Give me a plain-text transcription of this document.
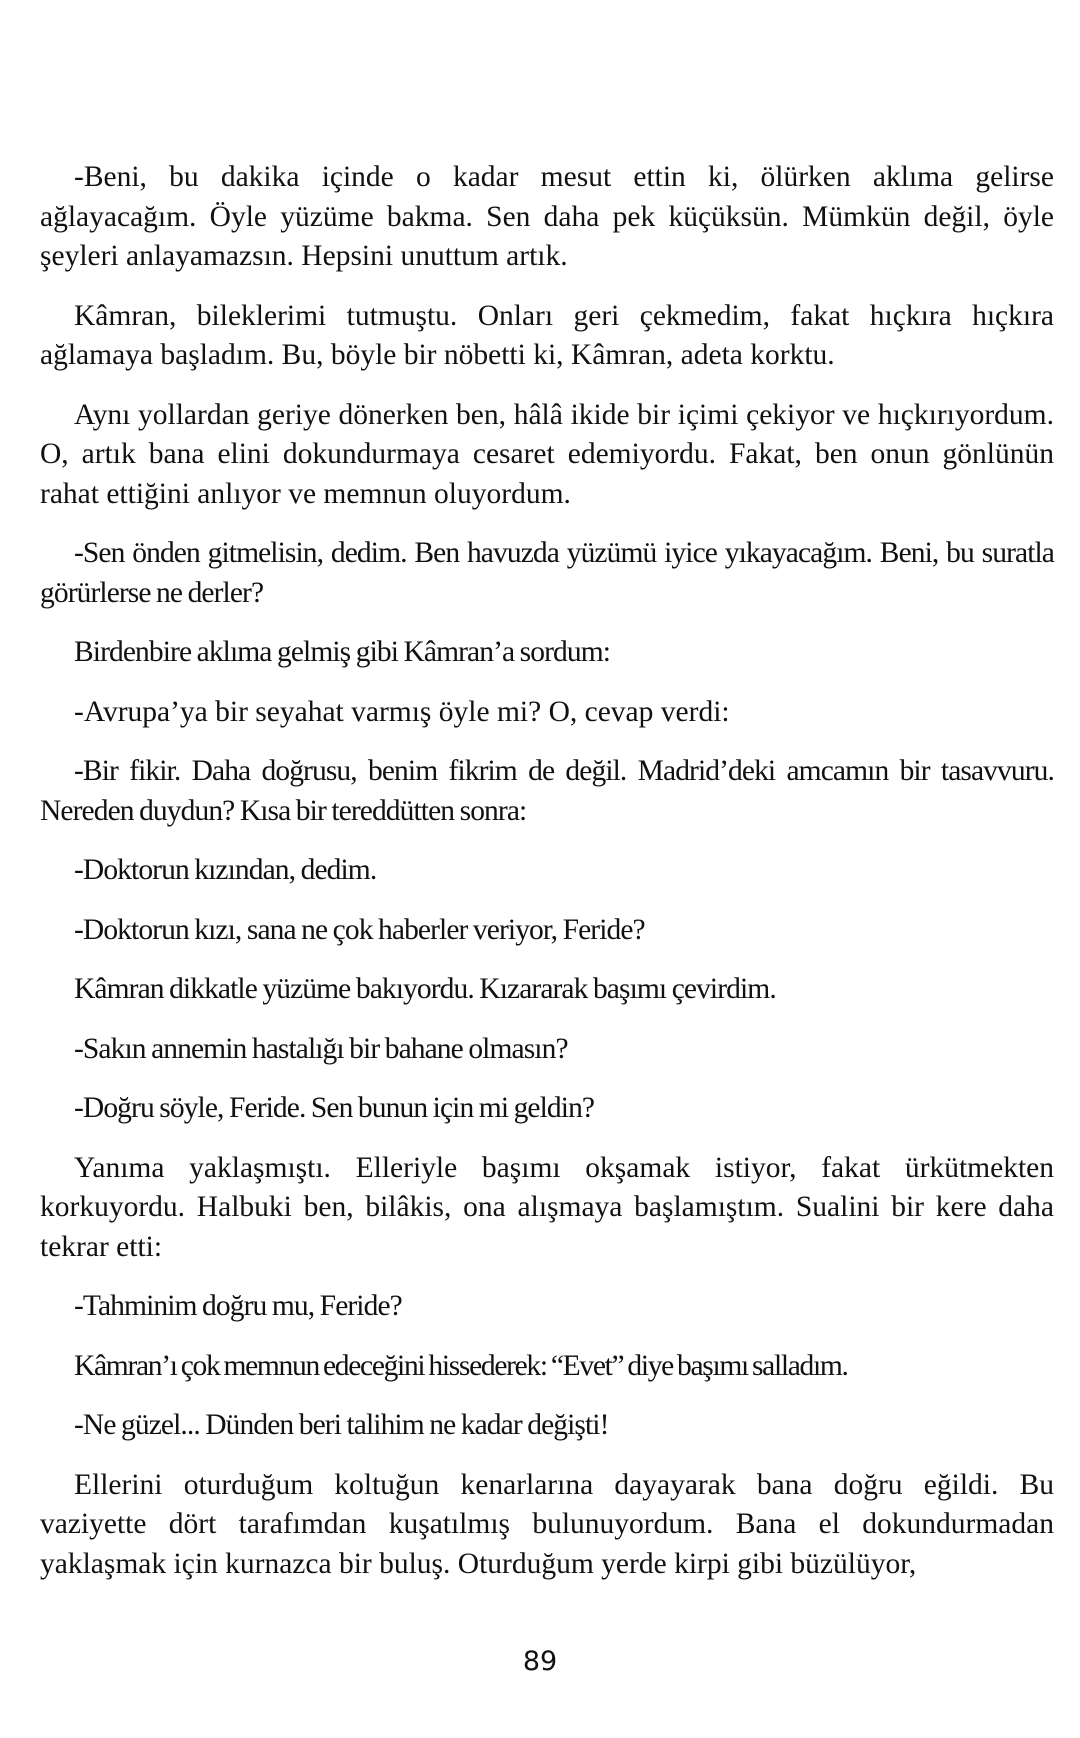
-Beni, bu dakika içinde o kadar mesut ettin ki, ölürken aklıma gelirse ağlayacağım. Öyle yüzüme bakma. Sen daha pek küçüksün. Mümkün değil, öyle şeyleri anlayamazsın. Hepsini unuttum artık.

Kâmran, bileklerimi tutmuştu. Onları geri çekmedim, fakat hıçkıra hıçkıra ağlamaya başladım. Bu, böyle bir nöbetti ki, Kâmran, adeta korktu.

Aynı yollardan geriye dönerken ben, hâlâ ikide bir içimi çekiyor ve hıçkırıyordum. O, artık bana elini dokundurmaya cesaret edemiyordu. Fakat, ben onun gönlünün rahat ettiğini anlıyor ve memnun oluyordum.

-Sen önden gitmelisin, dedim. Ben havuzda yüzümü iyice yıkayacağım. Beni, bu suratla görürlerse ne derler?

Birdenbire aklıma gelmiş gibi Kâmran’a sordum:

-Avrupa’ya bir seyahat varmış öyle mi? O, cevap verdi:

-Bir fikir. Daha doğrusu, benim fikrim de değil. Madrid’deki amcamın bir tasavvuru. Nereden duydun? Kısa bir tereddütten sonra:

-Doktorun kızından, dedim.

-Doktorun kızı, sana ne çok haberler veriyor, Feride?

Kâmran dikkatle yüzüme bakıyordu. Kızararak başımı çevirdim.

-Sakın annemin hastalığı bir bahane olmasın?

-Doğru söyle, Feride. Sen bunun için mi geldin?

Yanıma yaklaşmıştı. Elleriyle başımı okşamak istiyor, fakat ürkütmekten korkuyordu. Halbuki ben, bilâkis, ona alışmaya başlamıştım. Sualini bir kere daha tekrar etti:

-Tahminim doğru mu, Feride?

Kâmran’ı çok memnun edeceğini hissederek: “Evet” diye başımı salladım.

-Ne güzel... Dünden beri talihim ne kadar değişti!

Ellerini oturduğum koltuğun kenarlarına dayayarak bana doğru eğildi. Bu vaziyette dört tarafımdan kuşatılmış bulunuyordum. Bana el dokundurmadan yaklaşmak için kurnazca bir buluş. Oturduğum yerde kirpi gibi büzülüyor,

89
